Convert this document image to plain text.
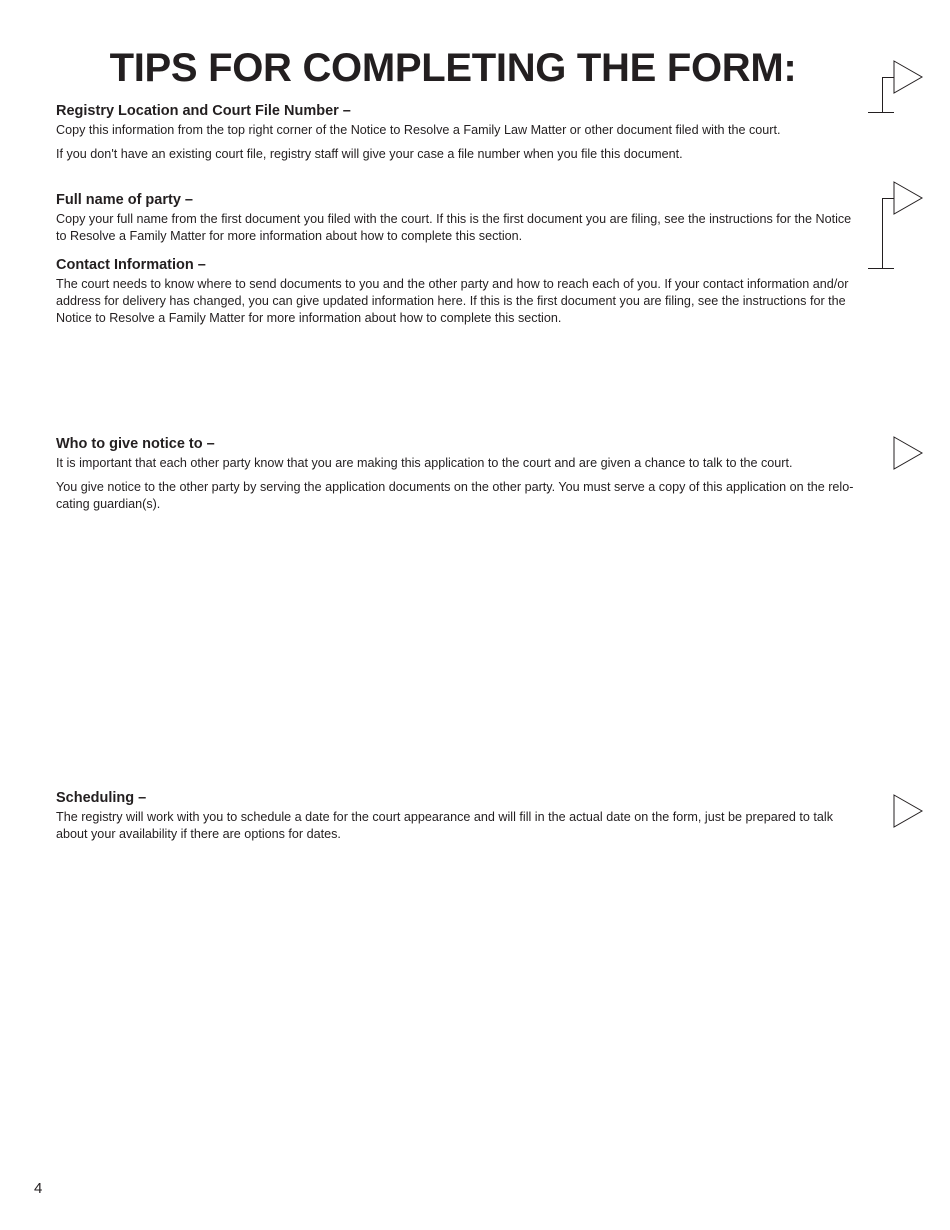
TIPS FOR COMPLETING THE FORM:
Registry Location and Court File Number –

Copy this information from the top right corner of the Notice to Resolve a Family Law Matter or other document filed with the court.

If you don't have an existing court file, registry staff will give your case a file number when you file this document.

Full name of party –

Copy your full name from the first document you filed with the court. If this is the first document you are filing, see the instructions for the Notice to Resolve a Family Matter for more information about how to complete this section.

Contact Information –

The court needs to know where to send documents to you and the other party and how to reach each of you. If your contact information and/or address for delivery has changed, you can give updated information here. If this is the first document you are filing, see the instructions for the Notice to Resolve a Family Matter for more information about how to complete this section.

Who to give notice to –

It is important that each other party know that you are making this application to the court and are given a chance to talk to the court.

You give notice to the other party by serving the application documents on the other party. You must serve a copy of this application on the relo-cating guardian(s).

Scheduling –

The registry will work with you to schedule a date for the court appearance and will fill in the actual date on the form, just be prepared to talk about your availability if there are options for dates.

4
